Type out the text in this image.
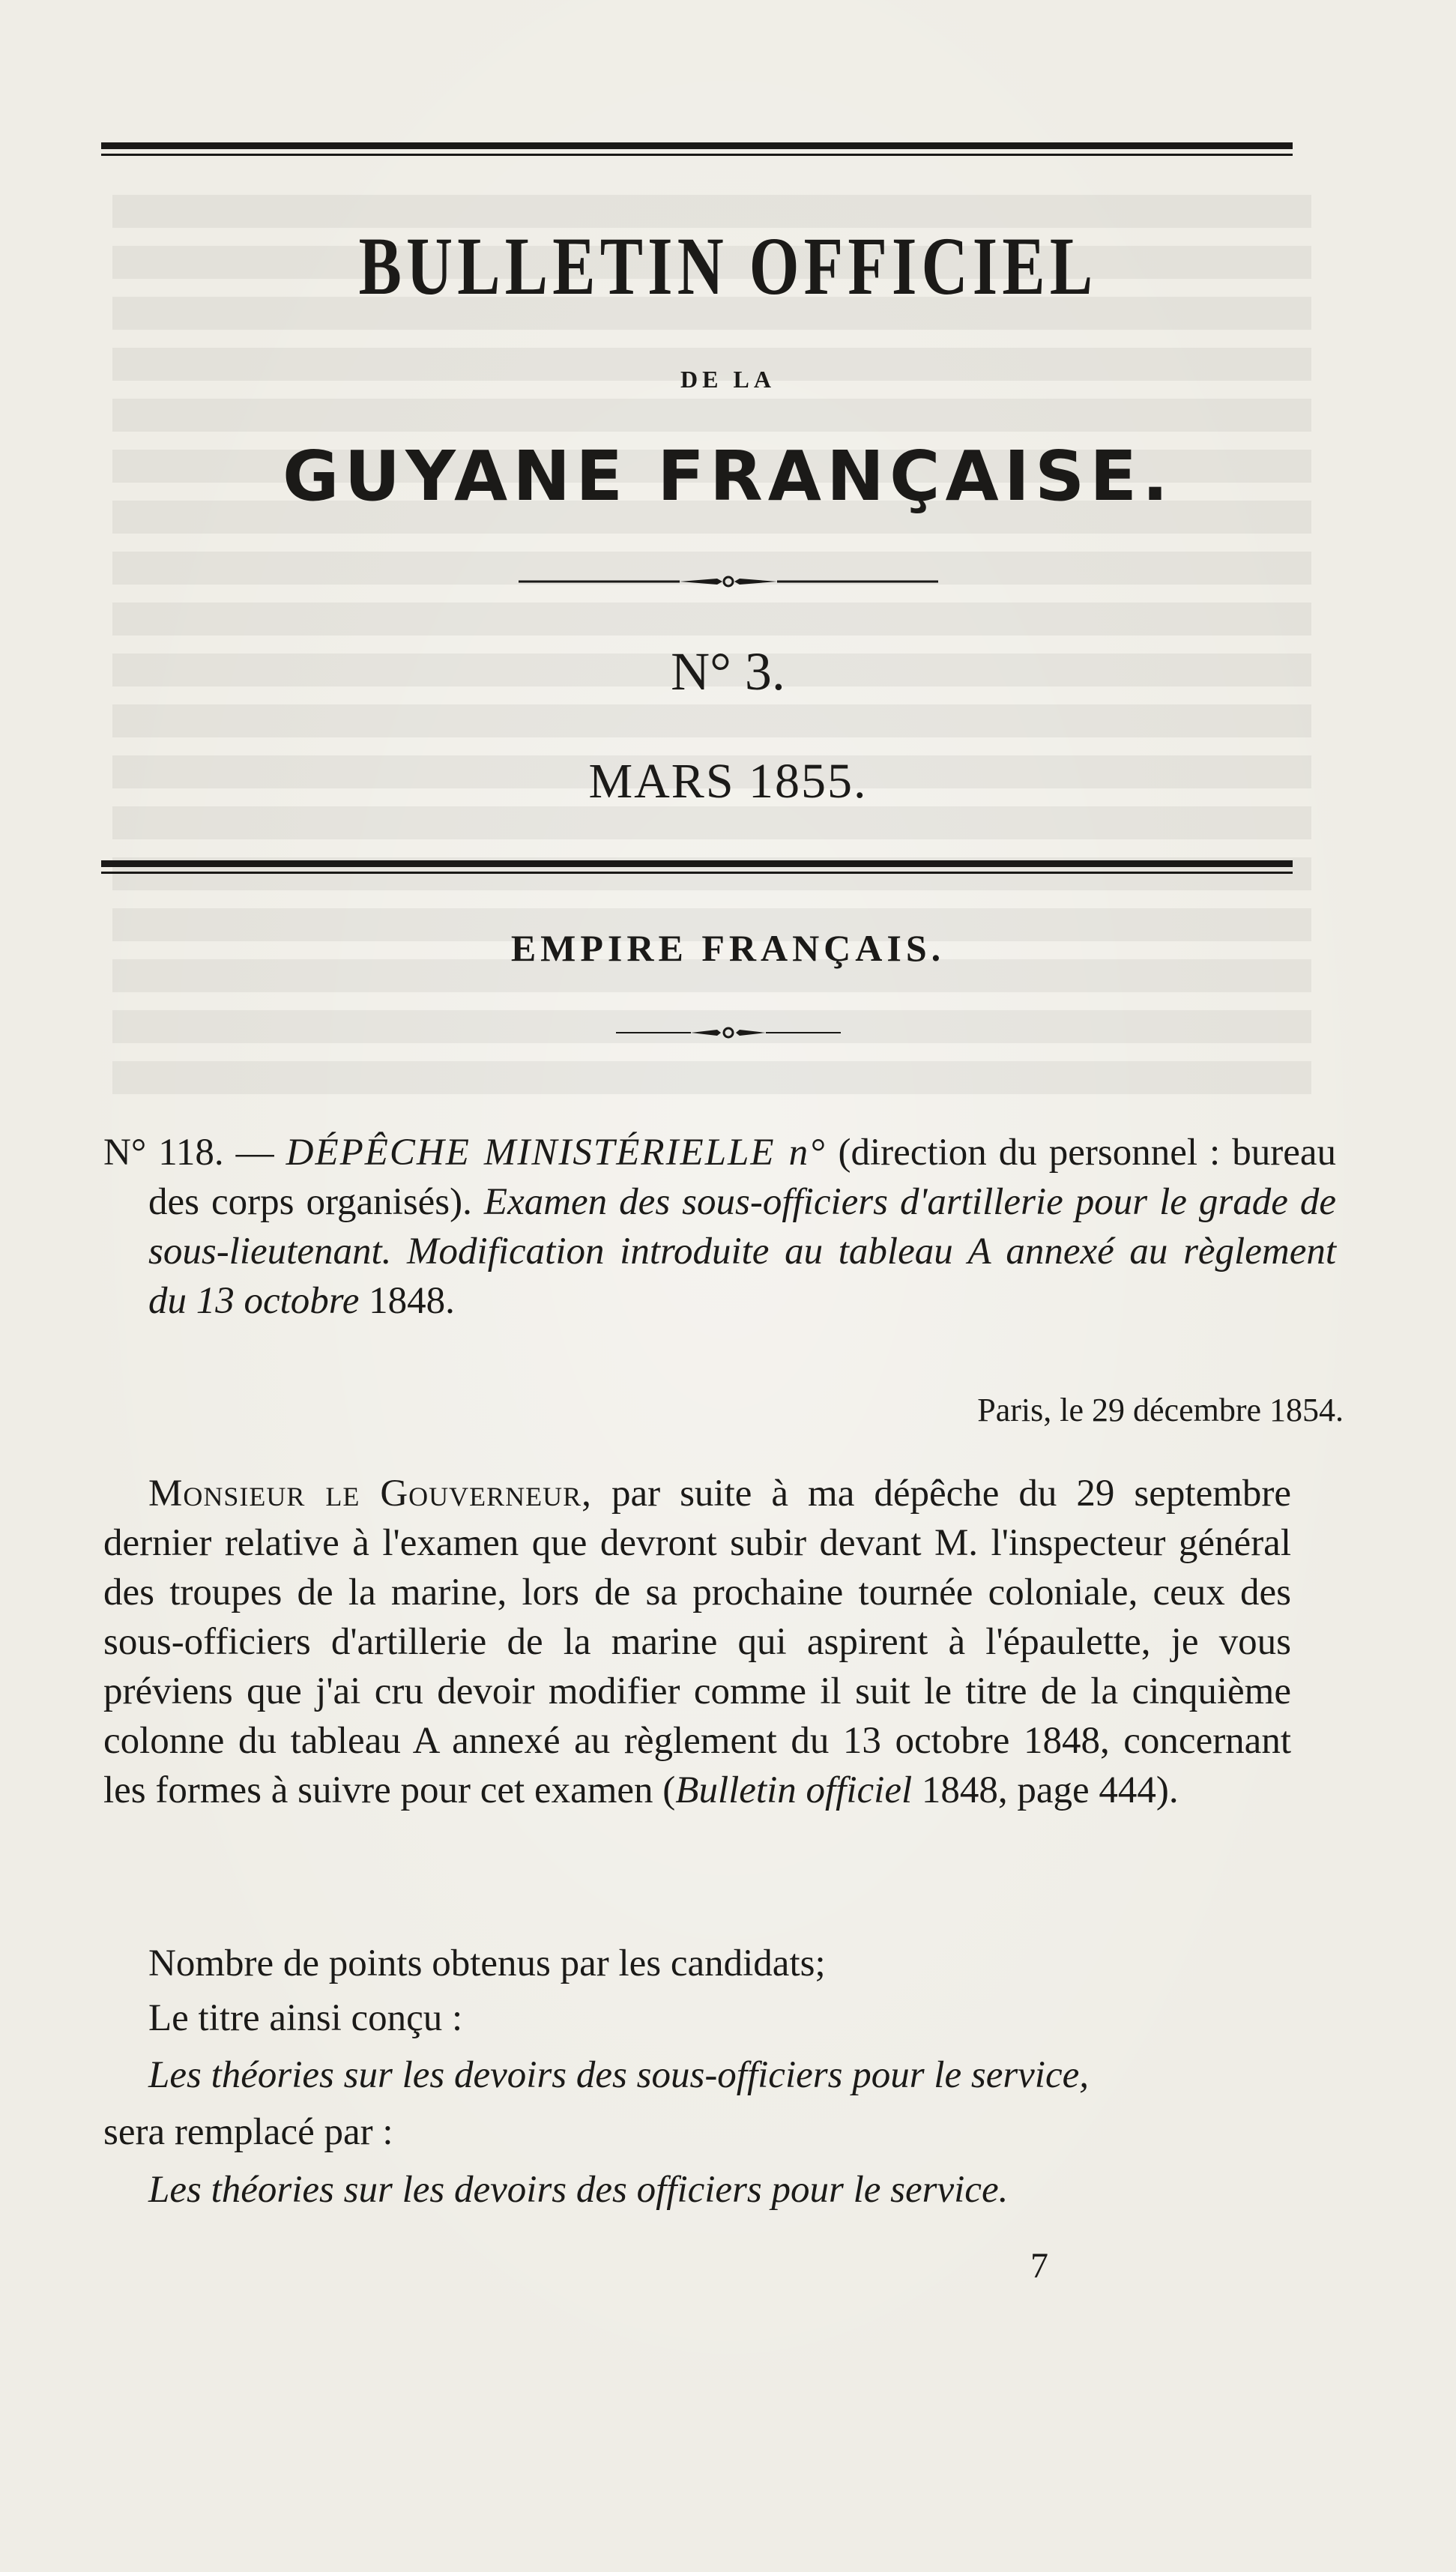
BULLETIN OFFICIEL
DE LA
GUYANE FRANÇAISE.
N° 3.
MARS 1855.
EMPIRE FRANÇAIS.
N° 118. — DÉPÊCHE MINISTÉRIELLE n° (direction du personnel : bureau des corps organisés). Examen des sous-officiers d'artillerie pour le grade de sous-lieutenant. Modification introduite au tableau A annexé au règlement du 13 octobre 1848.
Paris, le 29 décembre 1854.
Monsieur le Gouverneur, par suite à ma dépêche du 29 septembre dernier relative à l'examen que devront subir devant M. l'inspecteur général des troupes de la marine, lors de sa prochaine tournée coloniale, ceux des sous-officiers d'artillerie de la marine qui aspirent à l'épaulette, je vous préviens que j'ai cru devoir modifier comme il suit le titre de la cinquième colonne du tableau A annexé au règlement du 13 octobre 1848, concernant les formes à suivre pour cet examen (Bulletin officiel 1848, page 444).
Nombre de points obtenus par les candidats;
Le titre ainsi conçu :
Les théories sur les devoirs des sous-officiers pour le service,
sera remplacé par :
Les théories sur les devoirs des officiers pour le service.
7
